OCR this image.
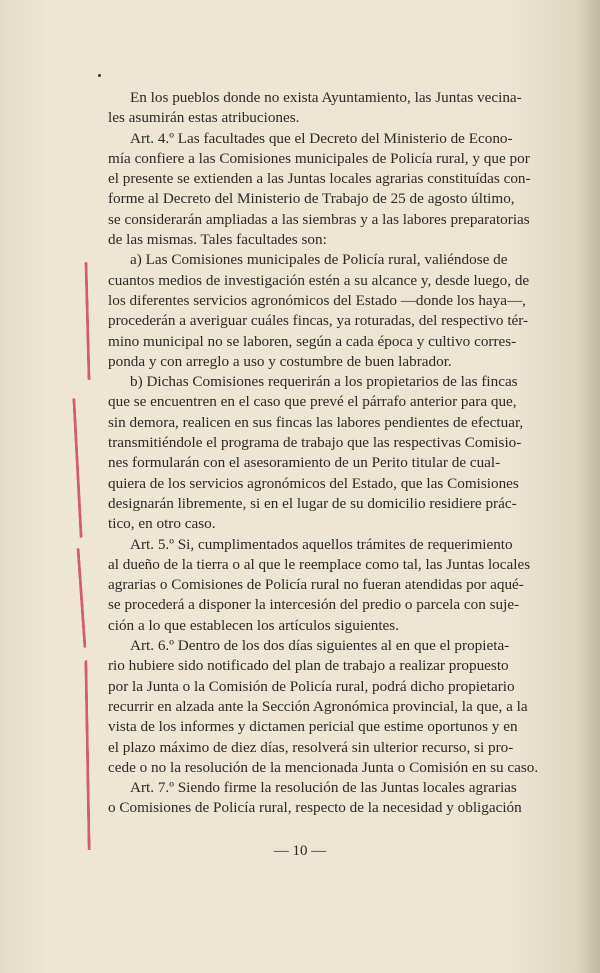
En los pueblos donde no exista Ayuntamiento, las Juntas vecina-
les asumirán estas atribuciones.
Art. 4.º Las facultades que el Decreto del Ministerio de Econo-
mía confiere a las Comisiones municipales de Policía rural, y que por
el presente se extienden a las Juntas locales agrarias constituídas con-
forme al Decreto del Ministerio de Trabajo de 25 de agosto último,
se considerarán ampliadas a las siembras y a las labores preparatorias
de las mismas. Tales facultades son:
a) Las Comisiones municipales de Policía rural, valiéndose de
cuantos medios de investigación estén a su alcance y, desde luego, de
los diferentes servicios agronómicos del Estado —donde los haya—,
procederán a averiguar cuáles fincas, ya roturadas, del respectivo tér-
mino municipal no se laboren, según a cada época y cultivo corres-
ponda y con arreglo a uso y costumbre de buen labrador.
b) Dichas Comisiones requerirán a los propietarios de las fincas
que se encuentren en el caso que prevé el párrafo anterior para que,
sin demora, realicen en sus fincas las labores pendientes de efectuar,
transmitiéndole el programa de trabajo que las respectivas Comisio-
nes formularán con el asesoramiento de un Perito titular de cual-
quiera de los servicios agronómicos del Estado, que las Comisiones
designarán libremente, si en el lugar de su domicilio residiere prác-
tico, en otro caso.
Art. 5.º Si, cumplimentados aquellos trámites de requerimiento
al dueño de la tierra o al que le reemplace como tal, las Juntas locales
agrarias o Comisiones de Policía rural no fueran atendidas por aqué-
se procederá a disponer la intercesión del predio o parcela con suje-
ción a lo que establecen los artículos siguientes.
Art. 6.º Dentro de los dos días siguientes al en que el propieta-
rio hubiere sido notificado del plan de trabajo a realizar propuesto
por la Junta o la Comisión de Policía rural, podrá dicho propietario
recurrir en alzada ante la Sección Agronómica provincial, la que, a la
vista de los informes y dictamen pericial que estime oportunos y en
el plazo máximo de diez días, resolverá sin ulterior recurso, si pro-
cede o no la resolución de la mencionada Junta o Comisión en su caso.
Art. 7.º Siendo firme la resolución de las Juntas locales agrarias
o Comisiones de Policía rural, respecto de la necesidad y obligación
— 10 —
